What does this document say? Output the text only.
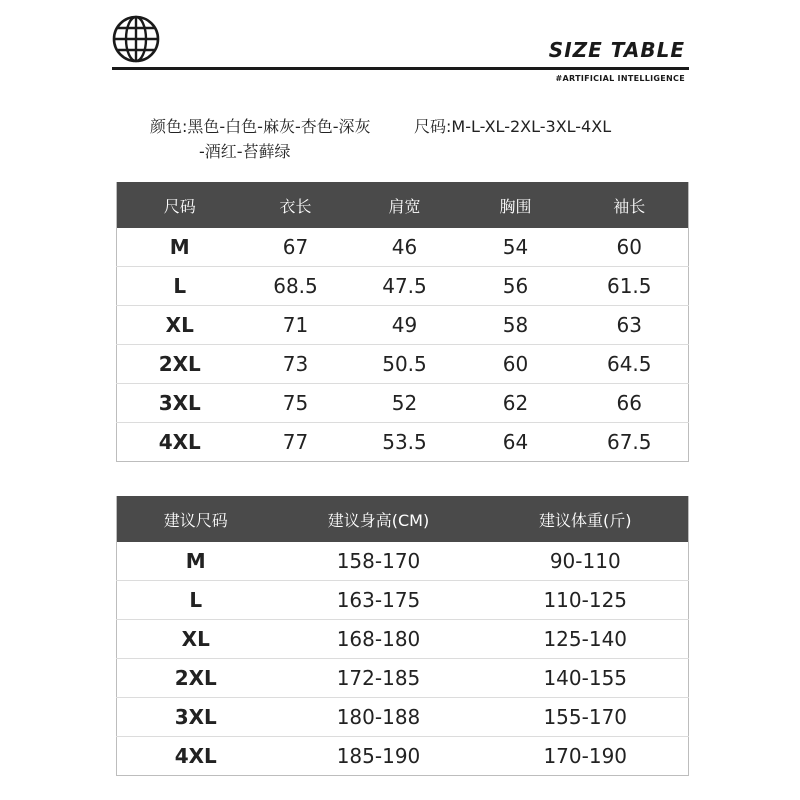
SIZE TABLE
#ARTIFICIAL INTELLIGENCE
颜色:黑色-白色-麻灰-杏色-深灰
-酒红-苔藓绿
尺码:M-L-XL-2XL-3XL-4XL
尺码	衣长	肩宽	胸围	袖长
M	67	46	54	60
L	68.5	47.5	56	61.5
XL	71	49	58	63
2XL	73	50.5	60	64.5
3XL	75	52	62	66
4XL	77	53.5	64	67.5
建议尺码	建议身高(CM)	建议体重(斤)
M	158-170	90-110
L	163-175	110-125
XL	168-180	125-140
2XL	172-185	140-155
3XL	180-188	155-170
4XL	185-190	170-190
